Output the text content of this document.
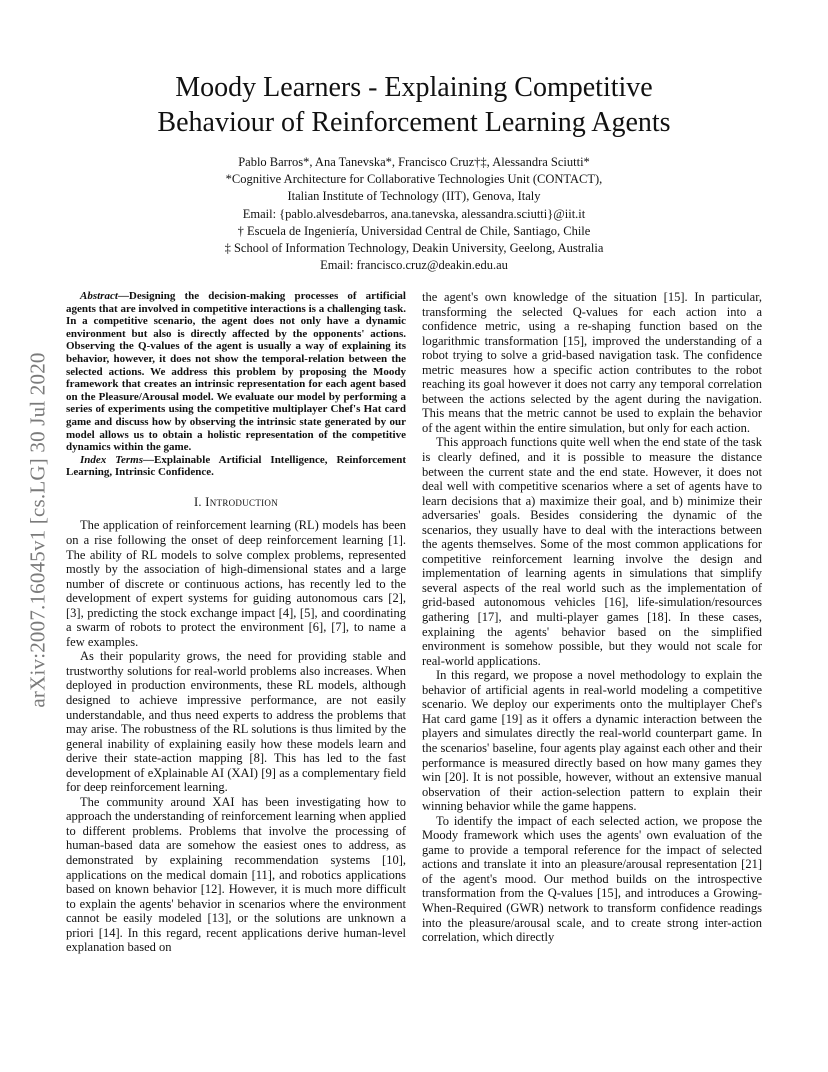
arXiv:2007.16045v1 [cs.LG] 30 Jul 2020
Moody Learners - Explaining Competitive
Behaviour of Reinforcement Learning Agents
Pablo Barros*, Ana Tanevska*, Francisco Cruz†‡, Alessandra Sciutti*
*Cognitive Architecture for Collaborative Technologies Unit (CONTACT),
Italian Institute of Technology (IIT), Genova, Italy
Email: {pablo.alvesdebarros, ana.tanevska, alessandra.sciutti}@iit.it
† Escuela de Ingeniería, Universidad Central de Chile, Santiago, Chile
‡ School of Information Technology, Deakin University, Geelong, Australia
Email: francisco.cruz@deakin.edu.au

Abstract—Designing the decision-making processes of artificial agents that are involved in competitive interactions is a challenging task. In a competitive scenario, the agent does not only have a dynamic environment but also is directly affected by the opponents' actions. Observing the Q-values of the agent is usually a way of explaining its behavior, however, it does not show the temporal-relation between the selected actions. We address this problem by proposing the Moody framework that creates an intrinsic representation for each agent based on the Pleasure/Arousal model. We evaluate our model by performing a series of experiments using the competitive multiplayer Chef's Hat card game and discuss how by observing the intrinsic state generated by our model allows us to obtain a holistic representation of the competitive dynamics within the game.

Index Terms—Explainable Artificial Intelligence, Reinforcement Learning, Intrinsic Confidence.

I. Introduction

The application of reinforcement learning (RL) models has been on a rise following the onset of deep reinforcement learning [1]. The ability of RL models to solve complex problems, represented mostly by the association of high-dimensional states and a large number of discrete or continuous actions, has recently led to the development of expert systems for guiding autonomous cars [2], [3], predicting the stock exchange impact [4], [5], and coordinating a swarm of robots to protect the environment [6], [7], to name a few examples.

As their popularity grows, the need for providing stable and trustworthy solutions for real-world problems also increases. When deployed in production environments, these RL models, although designed to achieve impressive performance, are not easily understandable, and thus need experts to address the problems that may arise. The robustness of the RL solutions is thus limited by the general inability of explaining easily how these models learn and derive their state-action mapping [8]. This has led to the fast development of eXplainable AI (XAI) [9] as a complementary field for deep reinforcement learning.

The community around XAI has been investigating how to approach the understanding of reinforcement learning when applied to different problems. Problems that involve the processing of human-based data are somehow the easiest ones to address, as demonstrated by explaining recommendation systems [10], applications on the medical domain [11], and robotics applications based on known behavior [12]. However, it is much more difficult to explain the agents' behavior in scenarios where the environment cannot be easily modeled [13], or the solutions are unknown a priori [14]. In this regard, recent applications derive human-level explanation based on

the agent's own knowledge of the situation [15]. In particular, transforming the selected Q-values for each action into a confidence metric, using a re-shaping function based on the logarithmic transformation [15], improved the understanding of a robot trying to solve a grid-based navigation task. The confidence metric measures how a specific action contributes to the robot reaching its goal however it does not carry any temporal correlation between the actions selected by the agent during the navigation. This means that the metric cannot be used to explain the behavior of the agent within the entire simulation, but only for each action.

This approach functions quite well when the end state of the task is clearly defined, and it is possible to measure the distance between the current state and the end state. However, it does not deal well with competitive scenarios where a set of agents have to learn decisions that a) maximize their goal, and b) minimize their adversaries' goals. Besides considering the dynamic of the scenarios, they usually have to deal with the interactions between the agents themselves. Some of the most common applications for competitive reinforcement learning involve the design and implementation of learning agents in simulations that simplify several aspects of the real world such as the implementation of grid-based autonomous vehicles [16], life-simulation/resources gathering [17], and multi-player games [18]. In these cases, explaining the agents' behavior based on the simplified environment is somehow possible, but they would not scale for real-world applications.

In this regard, we propose a novel methodology to explain the behavior of artificial agents in real-world modeling a competitive scenario. We deploy our experiments onto the multiplayer Chef's Hat card game [19] as it offers a dynamic interaction between the players and simulates directly the real-world counterpart game. In the scenarios' baseline, four agents play against each other and their performance is measured directly based on how many games they win [20]. It is not possible, however, without an extensive manual observation of their action-selection pattern to explain their winning behavior while the game happens.

To identify the impact of each selected action, we propose the Moody framework which uses the agents' own evaluation of the game to provide a temporal reference for the impact of selected actions and translate it into an pleasure/arousal representation [21] of the agent's mood. Our method builds on the introspective transformation from the Q-values [15], and introduces a Growing-When-Required (GWR) network to transform confidence readings into the pleasure/arousal scale, and to create strong inter-action correlation, which directly
